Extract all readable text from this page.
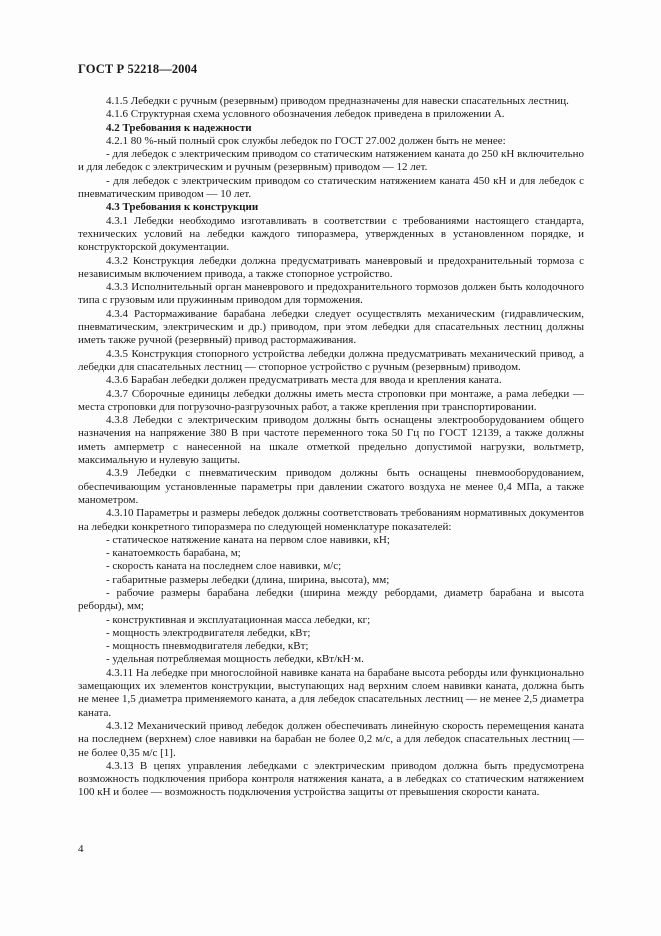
ГОСТ Р 52218—2004

4.1.5 Лебедки с ручным (резервным) приводом предназначены для навески спасательных лестниц.

4.1.6 Структурная схема условного обозначения лебедок приведена в приложении А.

4.2 Требования к надежности

4.2.1 80 %-ный полный срок службы лебедок по ГОСТ 27.002 должен быть не менее:

- для лебедок с электрическим приводом со статическим натяжением каната до 250 кН включительно и для лебедок с электрическим и ручным (резервным) приводом — 12 лет.

- для лебедок с электрическим приводом со статическим натяжением каната 450 кН и для лебедок с пневматическим приводом — 10 лет.

4.3 Требования к конструкции

4.3.1 Лебедки необходимо изготавливать в соответствии с требованиями настоящего стандарта, технических условий на лебедки каждого типоразмера, утвержденных в установленном порядке, и конструкторской документации.

4.3.2 Конструкция лебедки должна предусматривать маневровый и предохранительный тормоза с независимым включением привода, а также стопорное устройство.

4.3.3 Исполнительный орган маневрового и предохранительного тормозов должен быть колодочного типа с грузовым или пружинным приводом для торможения.

4.3.4 Растормаживание барабана лебедки следует осуществлять механическим (гидравлическим, пневматическим, электрическим и др.) приводом, при этом лебедки для спасательных лестниц должны иметь также ручной (резервный) привод растормаживания.

4.3.5 Конструкция стопорного устройства лебедки должна предусматривать механический привод, а лебедки для спасательных лестниц — стопорное устройство с ручным (резервным) приводом.

4.3.6 Барабан лебедки должен предусматривать места для ввода и крепления каната.

4.3.7 Сборочные единицы лебедки должны иметь места строповки при монтаже, а рама лебедки — места строповки для погрузочно-разгрузочных работ, а также крепления при транспортировании.

4.3.8 Лебедки с электрическим приводом должны быть оснащены электрооборудованием общего назначения на напряжение 380 В при частоте переменного тока 50 Гц по ГОСТ 12139, а также должны иметь амперметр с нанесенной на шкале отметкой предельно допустимой нагрузки, вольтметр, максимальную и нулевую защиты.

4.3.9 Лебедки с пневматическим приводом должны быть оснащены пневмооборудованием, обеспечивающим установленные параметры при давлении сжатого воздуха не менее 0,4 МПа, а также манометром.

4.3.10 Параметры и размеры лебедок должны соответствовать требованиям нормативных документов на лебедки конкретного типоразмера по следующей номенклатуре показателей:

- статическое натяжение каната на первом слое навивки, кН;

- канатоемкость барабана, м;

- скорость каната на последнем слое навивки, м/с;

- габаритные размеры лебедки (длина, ширина, высота), мм;

- рабочие размеры барабана лебедки (ширина между ребордами, диаметр барабана и высота реборды), мм;

- конструктивная и эксплуатационная масса лебедки, кг;

- мощность электродвигателя лебедки, кВт;

- мощность пневмодвигателя лебедки, кВт;

- удельная потребляемая мощность лебедки, кВт/кН·м.

4.3.11 На лебедке при многослойной навивке каната на барабане высота реборды или функционально замещающих их элементов конструкции, выступающих над верхним слоем навивки каната, должна быть не менее 1,5 диаметра применяемого каната, а для лебедок спасательных лестниц — не менее 2,5 диаметра каната.

4.3.12 Механический привод лебедок должен обеспечивать линейную скорость перемещения каната на последнем (верхнем) слое навивки на барабан не более 0,2 м/с, а для лебедок спасательных лестниц — не более 0,35 м/с [1].

4.3.13 В цепях управления лебедками с электрическим приводом должна быть предусмотрена возможность подключения прибора контроля натяжения каната, а в лебедках со статическим натяжением 100 кН и более — возможность подключения устройства защиты от превышения скорости каната.

4
